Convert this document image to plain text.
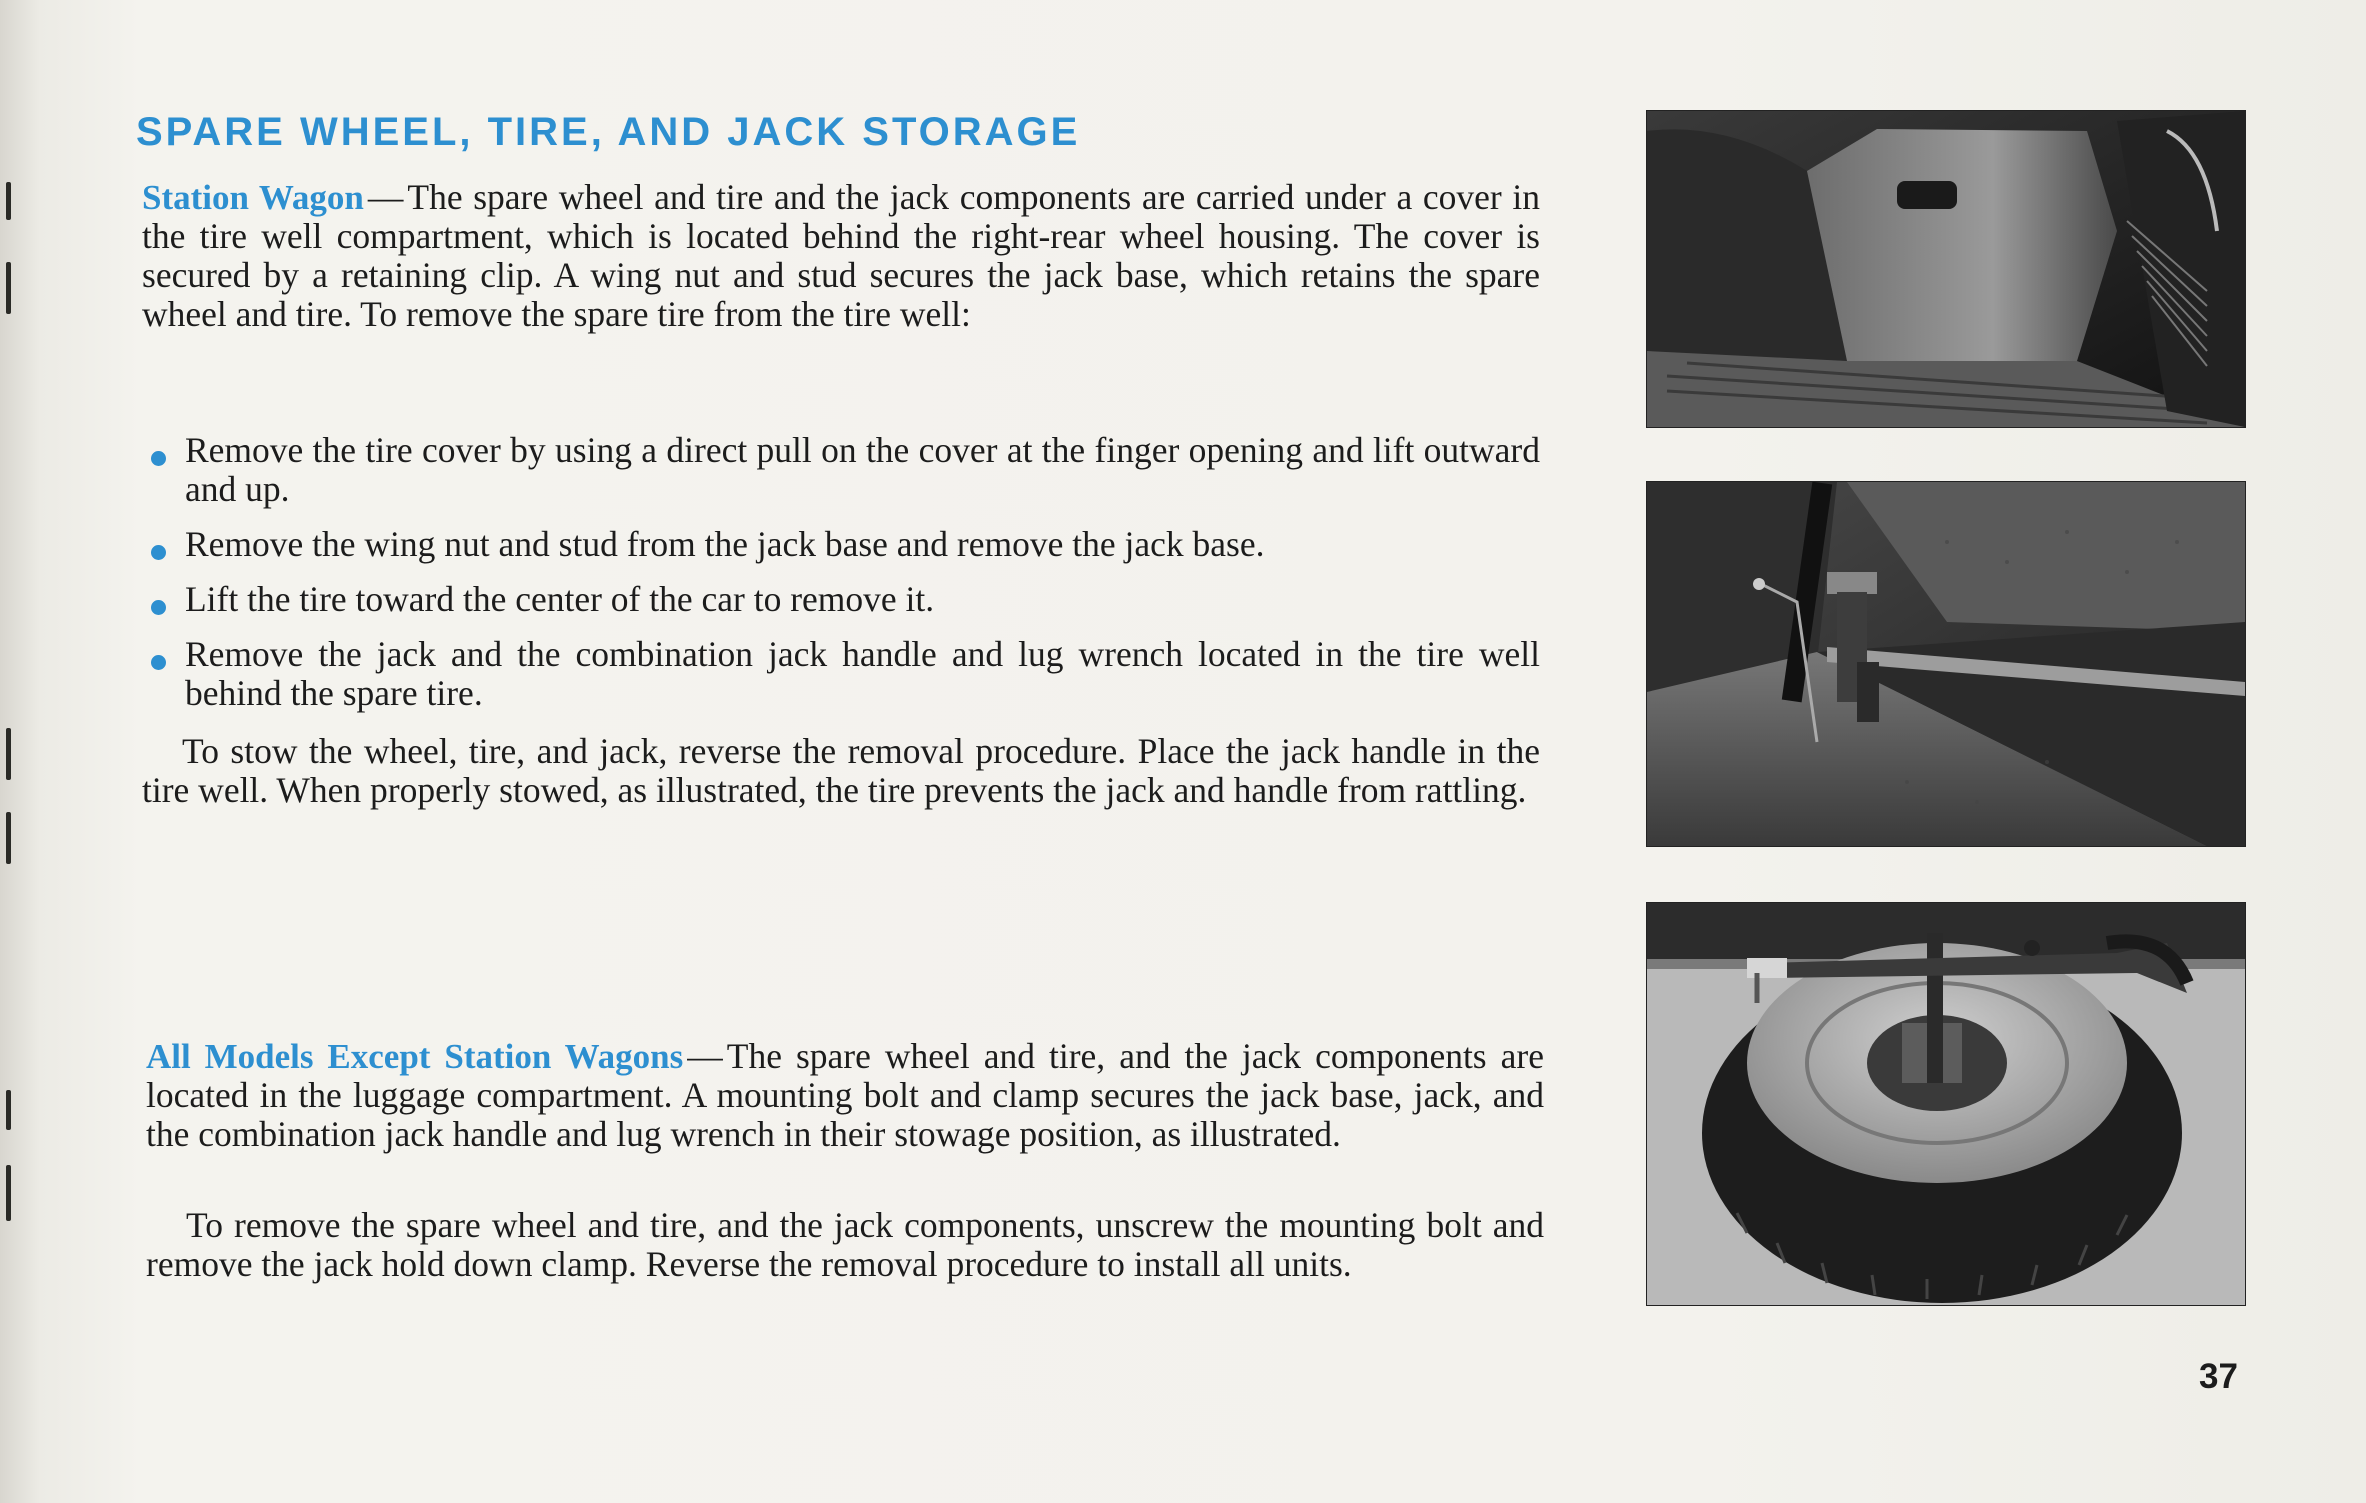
SPARE WHEEL, TIRE, AND JACK STORAGE

Station Wagon — The spare wheel and tire and the jack components are carried under a cover in the tire well compartment, which is located behind the right-rear wheel housing. The cover is secured by a retaining clip. A wing nut and stud secures the jack base, which retains the spare wheel and tire. To remove the spare tire from the tire well:

Remove the tire cover by using a direct pull on the cover at the finger opening and lift outward and up.
Remove the wing nut and stud from the jack base and remove the jack base.
Lift the tire toward the center of the car to remove it.
Remove the jack and the combination jack handle and lug wrench located in the tire well behind the spare tire.

To stow the wheel, tire, and jack, reverse the removal procedure. Place the jack handle in the tire well. When properly stowed, as illustrated, the tire prevents the jack and handle from rattling.

All Models Except Station Wagons — The spare wheel and tire, and the jack components are located in the luggage compartment. A mounting bolt and clamp secures the jack base, jack, and the combination jack handle and lug wrench in their stowage position, as illustrated.

To remove the spare wheel and tire, and the jack components, unscrew the mounting bolt and remove the jack hold down clamp. Reverse the removal procedure to install all units.

37
